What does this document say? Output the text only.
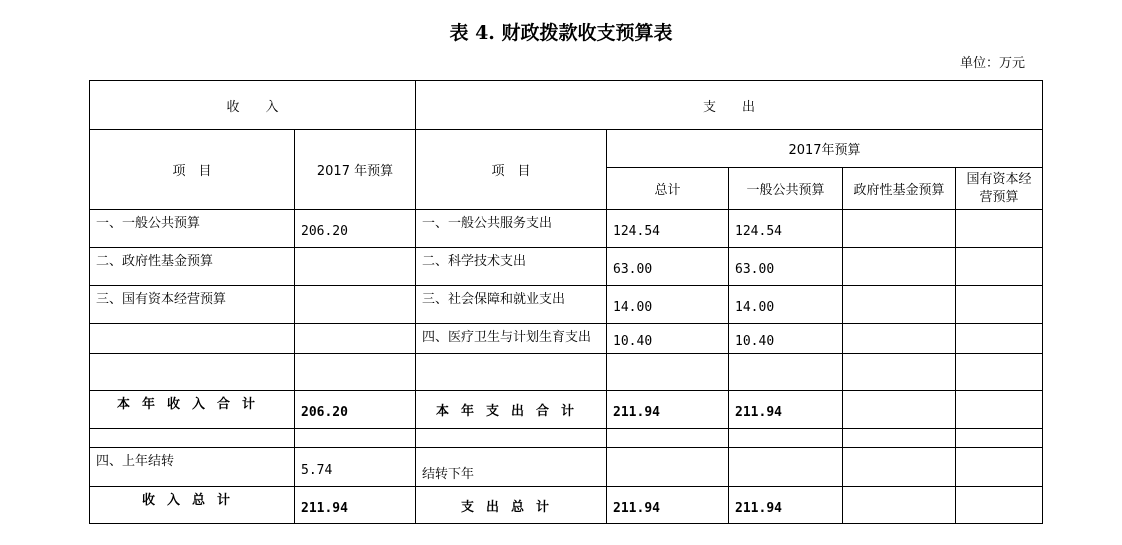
表 4. 财政拨款收支预算表
单位：万元
收　　入		支　　出				
项　目	2017 年预算	项　目	2017年预算			
			总计	一般公共预算	政府性基金预算	国有资本经营预算
一、一般公共预算	206.20	一、一般公共服务支出	124.54	124.54		
二、政府性基金预算		二、科学技术支出	63.00	63.00		
三、国有资本经营预算		三、社会保障和就业支出	14.00	14.00		
		四、医疗卫生与计划生育支出	10.40	10.40		

本年收入合计	206.20	本年支出合计	211.94	211.94		

四、上年结转	5.74	结转下年				
收入总计	211.94	支出总计	211.94	211.94		
